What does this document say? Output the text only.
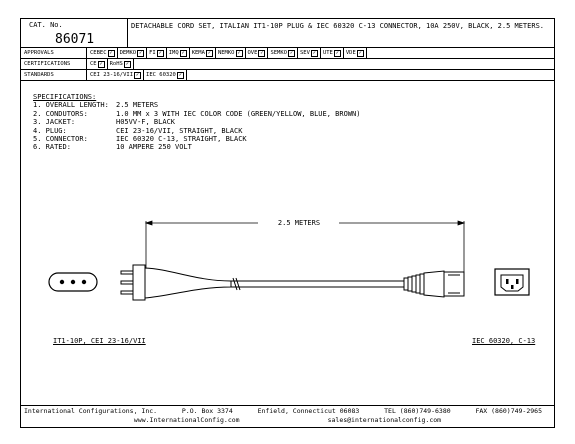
CAT. No.
86071
DETACHABLE CORD SET, ITALIAN IT1-10P PLUG & IEC 60320 C-13 CONNECTOR, 10A 250V, BLACK, 2.5 METERS.
APPROVALS	CEBEC ✓	DEMKO ✓	FI ✓	IMQ ✓	KEMA ✓	NEMKO ✓	OVE ✓	SEMKO ✓	SEV ✓	UTE ✓	VDE ✓
CERTIFICATIONS	CE ✓	RoHS ✓
STANDARDS	CEI 23-16/VII ✓	IEC 60320 ✓
SPECIFICATIONS:
1. OVERALL LENGTH:	2.5 METERS
2. CONDUTORS:	1.0 MM x 3 WITH IEC COLOR CODE (GREEN/YELLOW, BLUE, BROWN)
3. JACKET:	H05VV-F, BLACK
4. PLUG:	CEI 23-16/VII, STRAIGHT, BLACK
5. CONNECTOR:	IEC 60320 C-13, STRAIGHT, BLACK
6. RATED:	10 AMPERE 250 VOLT
2.5 METERS
IT1-10P, CEI 23-16/VII	IEC 60320, C-13
International Configurations, Inc.	P.O. Box 3374	Enfield, Connecticut 06083	TEL (860)749-6380	FAX (860)749-2965
www.InternationalConfig.com	sales@internationalconfig.com
